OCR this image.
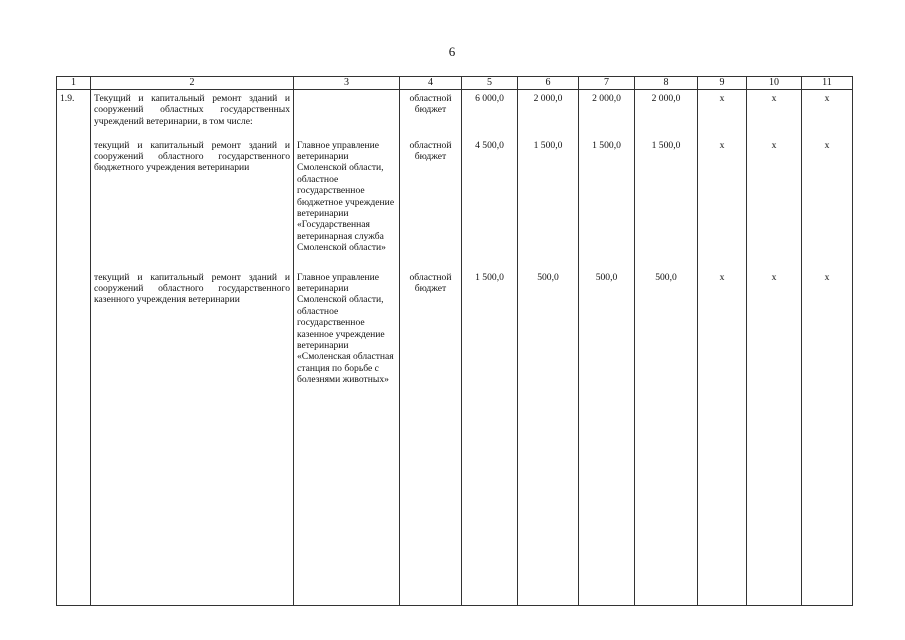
6
1	2	3	4	5	6	7	8	9	10	11
1.9.	Текущий и капитальный ремонт зданий и сооружений областных государственных учреждений ветеринарии, в том числе:		областной бюджет	6 000,0	2 000,0	2 000,0	2 000,0	x	x	x
	текущий и капитальный ремонт зданий и сооружений областного государственного бюджетного учреждения ветеринарии	Главное управление ветеринарии Смоленской области, областное государственное бюджетное учреждение ветеринарии «Государственная ветеринарная служба Смоленской области»	областной бюджет	4 500,0	1 500,0	1 500,0	1 500,0	x	x	x
	текущий и капитальный ремонт зданий и сооружений областного государственного казенного учреждения ветеринарии	Главное управление ветеринарии Смоленской области, областное государственное казенное учреждение ветеринарии «Смоленская областная станция по борьбе с болезнями животных»	областной бюджет	1 500,0	500,0	500,0	500,0	x	x	x
